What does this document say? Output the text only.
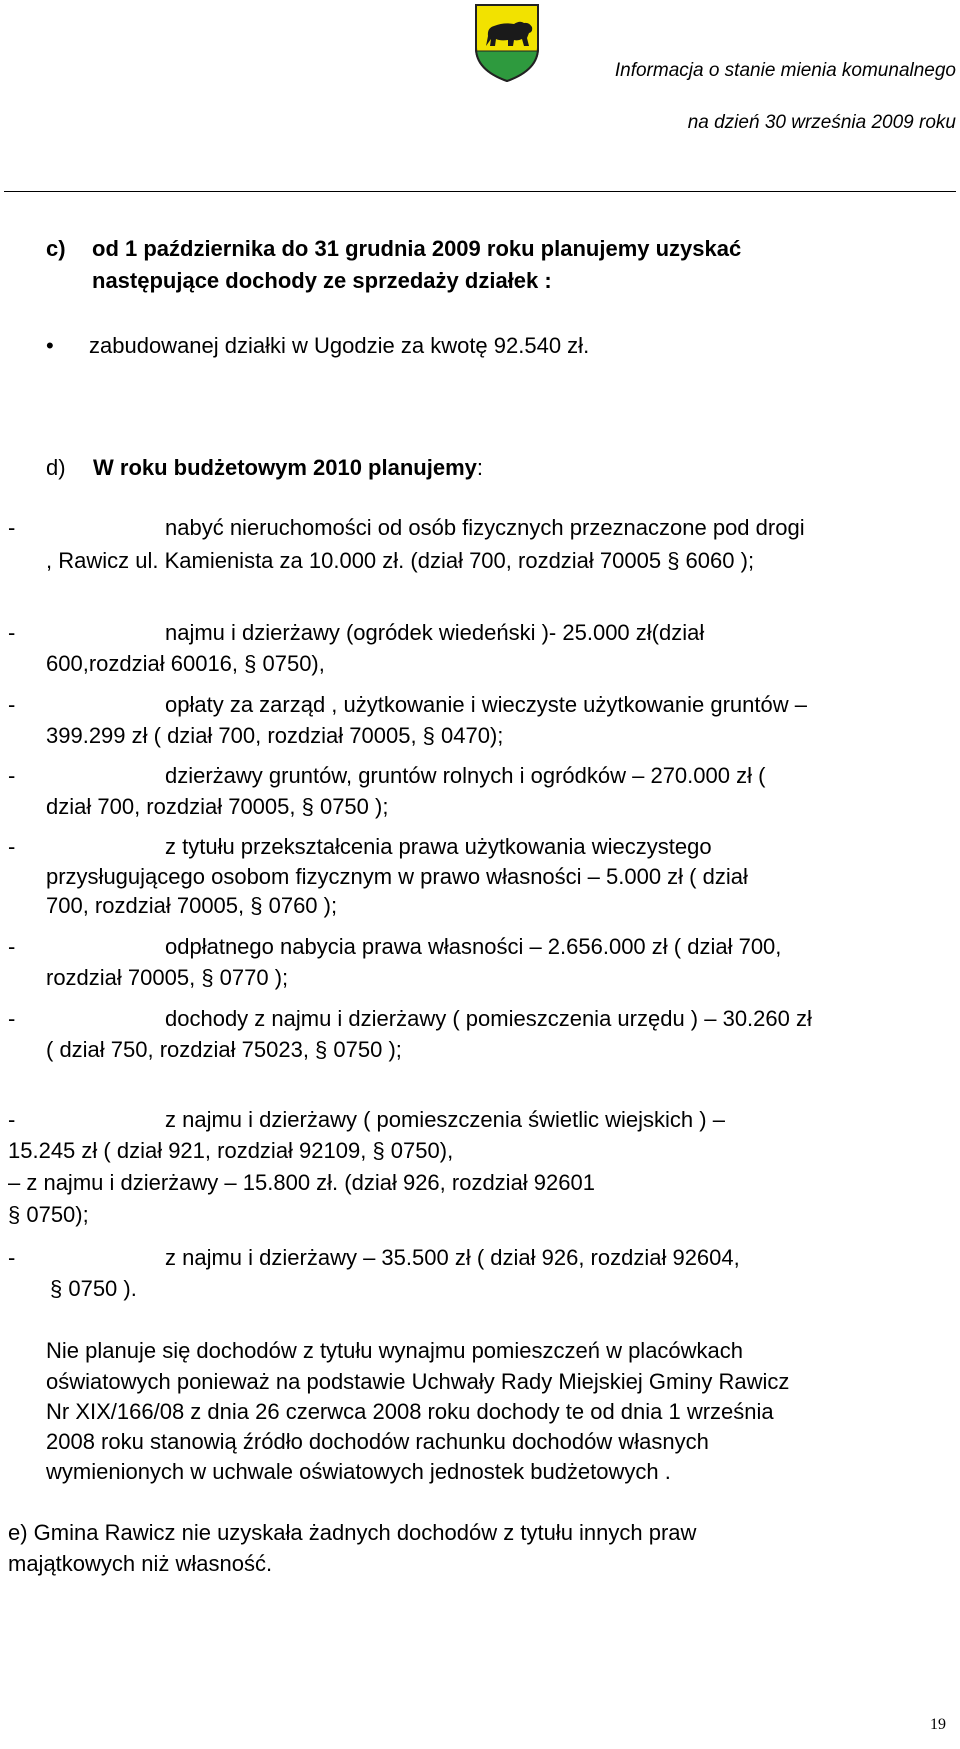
Informacja o stanie mienia komunalnego
na dzień 30 września 2009 roku
c) od 1 października do 31 grudnia 2009 roku planujemy uzyskać
następujące dochody ze sprzedaży działek :
• zabudowanej działki w Ugodzie za kwotę 92.540 zł.
d) W roku budżetowym 2010 planujemy:
-	nabyć nieruchomości od osób fizycznych przeznaczone pod drogi
, Rawicz ul. Kamienista za 10.000 zł. (dział 700, rozdział 70005 § 6060 );
-	najmu i dzierżawy (ogródek wiedeński )- 25.000 zł(dział
600,rozdział 60016, § 0750),
-	opłaty za zarząd , użytkowanie i wieczyste użytkowanie gruntów –
399.299 zł ( dział 700, rozdział 70005, § 0470);
-	dzierżawy gruntów, gruntów rolnych i ogródków – 270.000 zł (
dział 700, rozdział 70005, § 0750 );
-	z tytułu przekształcenia prawa użytkowania wieczystego
przysługującego osobom fizycznym w prawo własności – 5.000 zł ( dział
700, rozdział 70005, § 0760 );
-	odpłatnego nabycia prawa własności – 2.656.000 zł ( dział 700,
rozdział 70005, § 0770 );
-	dochody z najmu i dzierżawy ( pomieszczenia urzędu ) – 30.260 zł
( dział 750, rozdział 75023, § 0750 );
-	z najmu i dzierżawy ( pomieszczenia świetlic wiejskich ) –
15.245 zł ( dział 921, rozdział 92109, § 0750),
– z najmu i dzierżawy – 15.800 zł. (dział 926, rozdział 92601
§ 0750);
-	z najmu i dzierżawy – 35.500 zł ( dział 926, rozdział 92604,
§ 0750 ).
Nie planuje się dochodów z tytułu wynajmu pomieszczeń w placówkach
oświatowych ponieważ na podstawie Uchwały Rady Miejskiej Gminy Rawicz
Nr XIX/166/08 z dnia 26 czerwca 2008 roku dochody te od dnia 1 września
2008 roku stanowią źródło dochodów rachunku dochodów własnych
wymienionych w uchwale oświatowych jednostek budżetowych .
e) Gmina Rawicz nie uzyskała żadnych dochodów z tytułu innych praw
majątkowych niż własność.
19
